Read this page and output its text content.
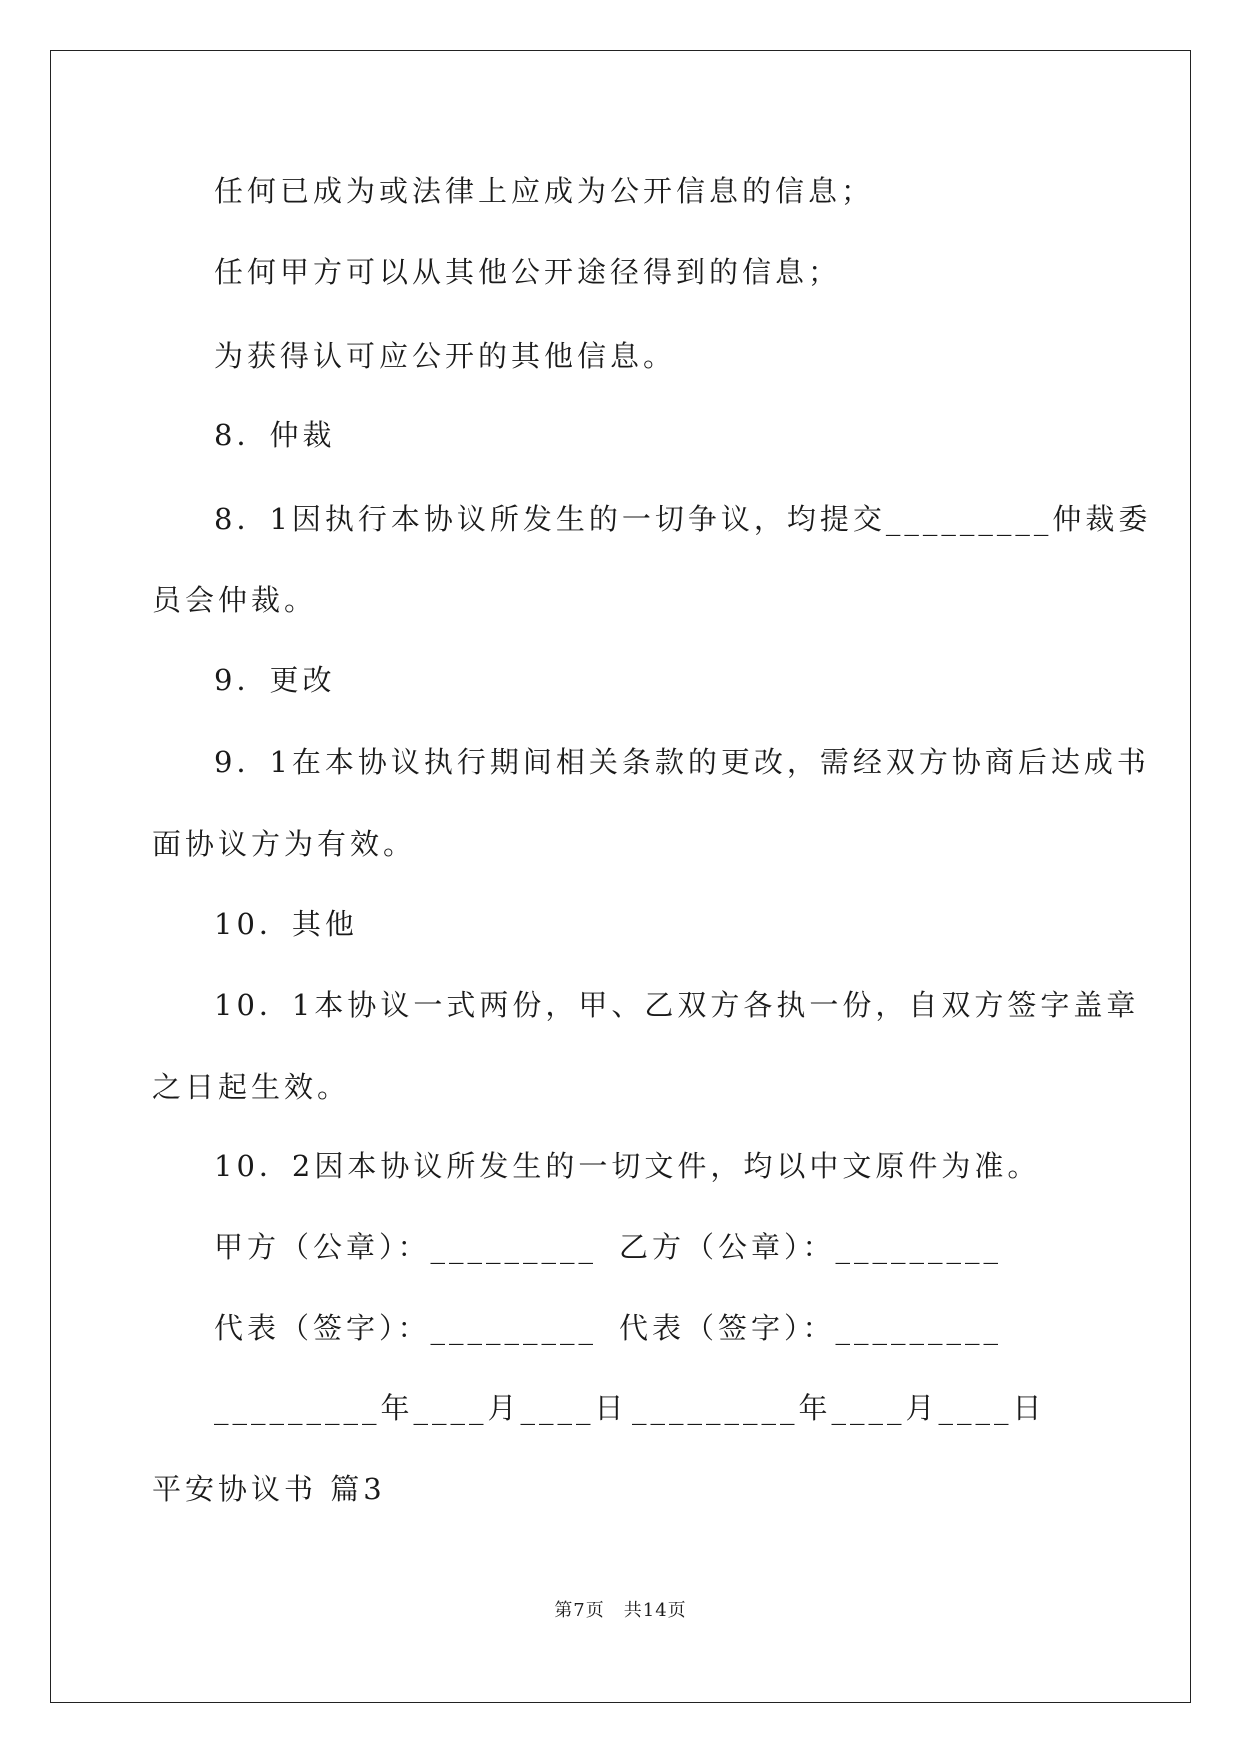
任何已成为或法律上应成为公开信息的信息；
任何甲方可以从其他公开途径得到的信息；
为获得认可应公开的其他信息。
8．仲裁
8．1因执行本协议所发生的一切争议，均提交_________仲裁委
员会仲裁。
9．更改
9．1在本协议执行期间相关条款的更改，需经双方协商后达成书
面协议方为有效。
10．其他
10．1本协议一式两份，甲、乙双方各执一份，自双方签字盖章
之日起生效。
10．2因本协议所发生的一切文件，均以中文原件为准。
甲方（公章）：_________ 乙方（公章）：_________
代表（签字）：_________ 代表（签字）：_________
_________年____月____日 _________年____月____日
平安协议书 篇3
第7页　共14页
